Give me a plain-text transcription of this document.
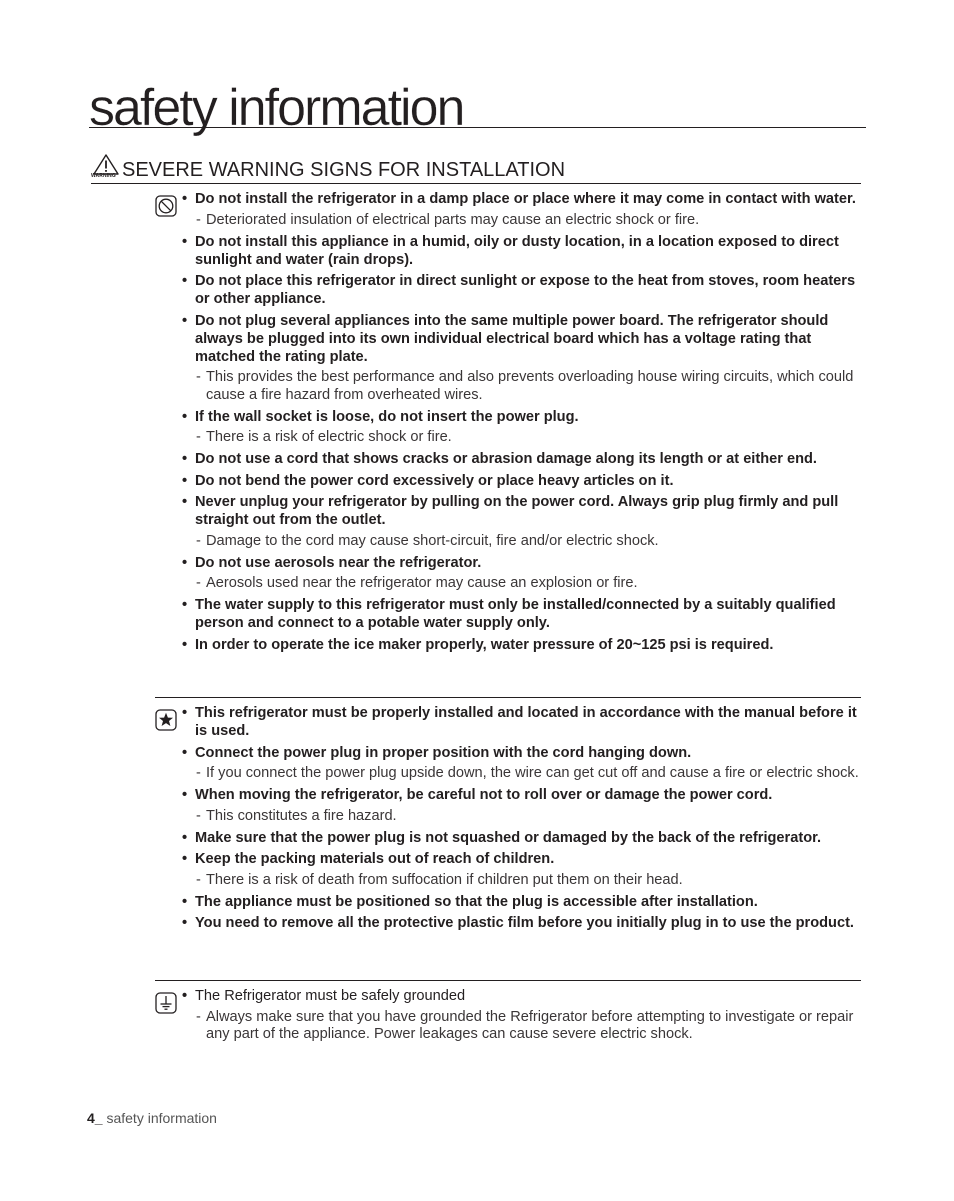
safety information
WARNING SEVERE WARNING SIGNS FOR INSTALLATION
• Do not install the refrigerator in a damp place or place where it may come in contact with water.
- Deteriorated insulation of electrical parts may cause an electric shock or fire.
• Do not install this appliance in a humid, oily or dusty location, in a location exposed to direct sunlight and water (rain drops).
• Do not place this refrigerator in direct sunlight or expose to the heat from stoves, room heaters or other appliance.
• Do not plug several appliances into the same multiple power board. The refrigerator should always be plugged into its own individual electrical board which has a voltage rating that matched the rating plate.
- This provides the best performance and also prevents overloading house wiring circuits, which could cause a fire hazard from overheated wires.
• If the wall socket is loose, do not insert the power plug.
- There is a risk of electric shock or fire.
• Do not use a cord that shows cracks or abrasion damage along its length or at either end.
• Do not bend the power cord excessively or place heavy articles on it.
• Never unplug your refrigerator by pulling on the power cord. Always grip plug firmly and pull straight out from the outlet.
- Damage to the cord may cause short-circuit, fire and/or electric shock.
• Do not use aerosols near the refrigerator.
- Aerosols used near the refrigerator may cause an explosion or fire.
• The water supply to this refrigerator must only be installed/connected by a suitably qualified person and connect to a potable water supply only.
• In order to operate the ice maker properly, water pressure of 20~125 psi is required.
• This refrigerator must be properly installed and located in accordance with the manual before it is used.
• Connect the power plug in proper position with the cord hanging down.
- If you connect the power plug upside down, the wire can get cut off and cause a fire or electric shock.
• When moving the refrigerator, be careful not to roll over or damage the power cord.
- This constitutes a fire hazard.
• Make sure that the power plug is not squashed or damaged by the back of the refrigerator.
• Keep the packing materials out of reach of children.
- There is a risk of death from suffocation if children put them on their head.
• The appliance must be positioned so that the plug is accessible after installation.
• You need to remove all the protective plastic film before you initially plug in to use the product.
• The Refrigerator must be safely grounded
- Always make sure that you have grounded the Refrigerator before attempting to investigate or repair any part of the appliance. Power leakages can cause severe electric shock.
4_ safety information
